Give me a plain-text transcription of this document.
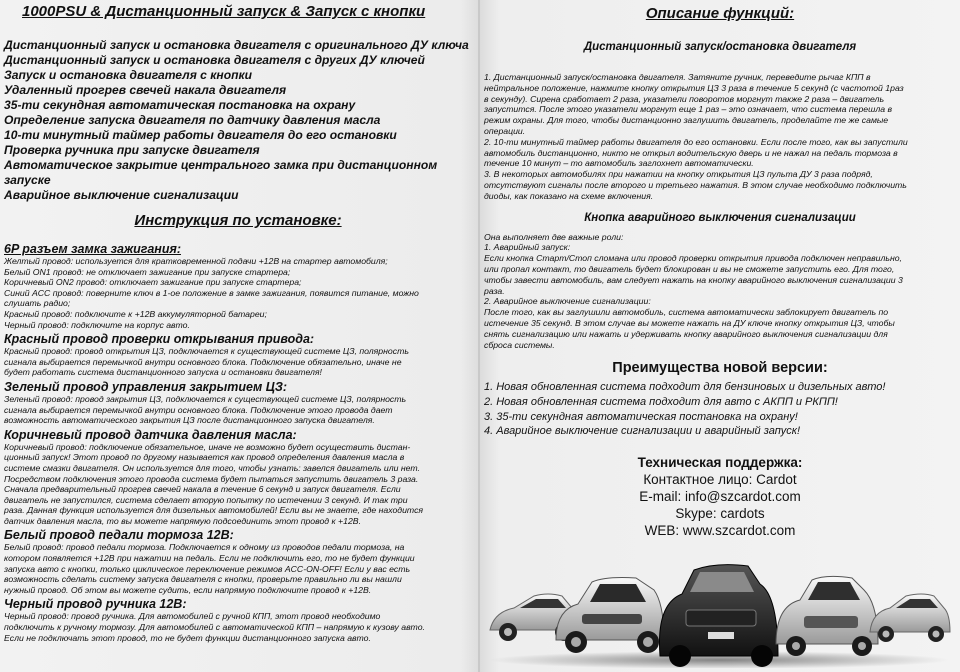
1000PSU & Дистанционный запуск & Запуск с кнопки
Дистанционный запуск и остановка двигателя с оригинального ДУ ключа
Дистанционный запуск и остановка двигателя с других ДУ ключей
Запуск и остановка двигателя с кнопки
Удаленный прогрев свечей накала двигателя
35-ти секундная автоматическая постановка на охрану
Определение запуска двигателя по датчику давления масла
10-ти минутный таймер работы двигателя до его остановки
Проверка ручника при запуске двигателя
Автоматическое закрытие центрального замка при дистанционном
запуске
Аварийное выключение сигнализации
Инструкция по установке:
6P разъем замка зажигания:
Желтый провод: используется для кратковременной подачи +12В на стартер автомобиля;
Белый ON1 провод: не отключает зажигание при запуске стартера;
Коричневый ON2 провод: отключает зажигание при запуске стартера;
Синий ACC провод: поверните ключ в 1-ое положение в замке зажигания, появится питание, можно
слушать радио;
Красный провод: подключите к +12В аккумуляторной батареи;
Черный провод: подключите на корпус авто.
Красный провод проверки открывания привода:
Красный провод: провод открытия ЦЗ, подключается к существующей системе ЦЗ, полярность
сигнала выбирается перемычкой внутри основного блока. Подключение обязательно, иначе не
будет работать система дистанционного запуска и остановки двигателя!
Зеленый провод управления закрытием ЦЗ:
Зеленый провод: провод закрытия ЦЗ, подключается к существующей системе ЦЗ, полярность
сигнала выбирается перемычкой внутри основного блока. Подключение этого провода дает
возможность автоматического закрытия ЦЗ после дистанционного запуска двигателя.
Коричневый провод датчика давления масла:
Коричневый провод: подключение обязательное, иначе не возможно будет осуществить дистан-
ционный запуск! Этот провод по другому называется как провод определения давления масла в
системе смазки двигателя. Он используется для того, чтобы узнать: завелся двигатель или нет.
Посредством подключения этого провода система будет пытаться запустить двигатель 3 раза.
Сначала предварительный прогрев свечей накала в течение 6 секунд и запуск двигателя. Если
двигатель не запустился, система сделает вторую попытку по истечении 3 секунд. И так три
раза. Данная функция используется для дизельных автомобилей! Если вы не знаете, где находится
датчик давления масла, то вы можете напрямую подсоединить этот провод к +12В.
Белый провод педали тормоза 12В:
Белый провод: провод педали тормоза. Подключается к одному из проводов педали тормоза, на
котором появляется +12В при нажатии на педаль. Если не подключить его, то не будет функции
запуска авто с кнопки, только циклическое переключение режимов ACC-ON-OFF! Если у вас есть
возможность сделать систему запуска двигателя с кнопки, проверьте правильно ли вы нашли
нужный провод. Об этом вы можете судить, если напрямую подключите провод к +12В.
Черный провод ручника 12В:
Черный провод: провод ручника. Для автомобилей с ручной КПП, этот провод необходимо
подключить к ручному тормозу. Для автомобилей с автоматической КПП – напрямую к кузову авто.
Если не подключать этот провод, то не будет функции дистанционного запуска авто.
Описание функций:
Дистанционный запуск/остановка двигателя
1. Дистанционный запуск/остановка двигателя. Затяните ручник, переведите рычаг КПП в
нейтральное положение, нажмите кнопку открытия ЦЗ 3 раза в течение 5 секунд (с частотой 1раз
в секунду). Сирена сработает 2 раза, указатели поворотов моргнут также 2 раза – двигатель
запустится. После этого указатели моргнут еще 1 раз – это означает, что система перешла в
режим охраны. Для того, чтобы дистанционно заглушить двигатель, проделайте те же самые
операции.
2. 10-ти минутный таймер работы двигателя до его остановки. Если после того, как вы запустили
автомобиль дистанционно, никто не открыл водительскую дверь и не нажал на педаль тормоза в
течение 10 минут – то автомобиль заглохнет автоматически.
3. В некоторых автомобилях при нажатии на кнопку открытия ЦЗ пульта ДУ 3 раза подряд,
отсутствуют сигналы после второго и третьего нажатия. В этом случае необходимо подключить
диоды, как показано на схеме включения.
Кнопка аварийного выключения сигнализации
Она выполняет две важные роли:
1. Аварийный запуск:
Если кнопка Старт/Стоп сломана или провод проверки открытия привода подключен неправильно,
или пропал контакт, то двигатель будет блокирован и вы не сможете запустить его. Для того,
чтобы завести автомобиль, вам следует нажать на кнопку аварийного выключения сигнализации 3
раза.
2. Аварийное выключение сигнализации:
После того, как вы заглушили автомобиль, система автоматически заблокирует двигатель по
истечение 35 секунд. В этом случае вы можете нажать на ДУ ключе кнопку открытия ЦЗ, чтобы
снять сигнализацию или нажать и удерживать кнопку аварийного выключения сигнализации для
сброса системы.
Преимущества новой версии:
1. Новая обновленная система подходит для бензиновых и дизельных авто!
2. Новая обновленная система подходит для авто с АКПП и РКПП!
3. 35-ти секундная автоматическая постановка на охрану!
4. Аварийное выключение сигнализации и аварийный запуск!
Техническая поддержка:
Контактное лицо: Cardot
E-mail: info@szcardot.com
Skype: cardots
WEB: www.szcardot.com
